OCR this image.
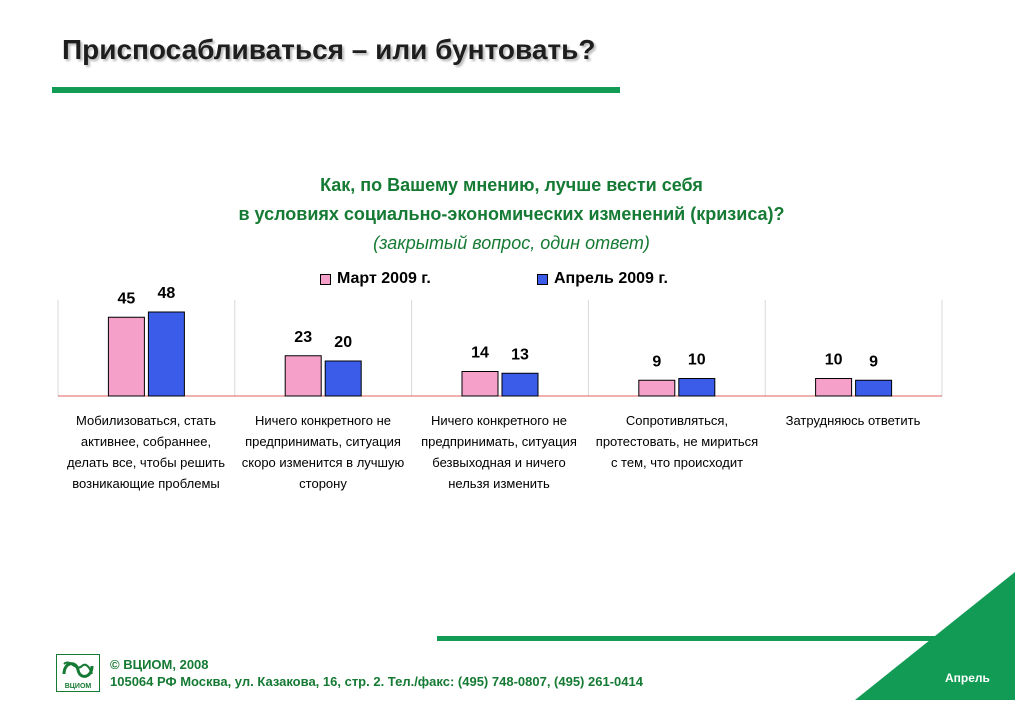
Приспосабливаться – или бунтовать?
Как, по Вашему мнению, лучше вести себя
в условиях социально-экономических изменений (кризиса)?
(закрытый вопрос, один ответ)
Март 2009 г.	Апрель 2009 г.
45 48
23 20
14 13	9 10	10 9
Мобилизоваться, стать активнее, собраннее, делать все, чтобы решить возникающие проблемы
Ничего конкретного не предпринимать, ситуация скоро изменится в лучшую сторону
Ничего конкретного не предпринимать, ситуация безвыходная и ничего нельзя изменить
Сопротивляться, протестовать, не мириться с тем, что происходит
Затрудняюсь ответить
ВЦИОМ
© ВЦИОМ, 2008
105064 РФ Москва, ул. Казакова, 16, стр. 2. Тел./факс: (495) 748-0807, (495) 261-0414	Апрель
